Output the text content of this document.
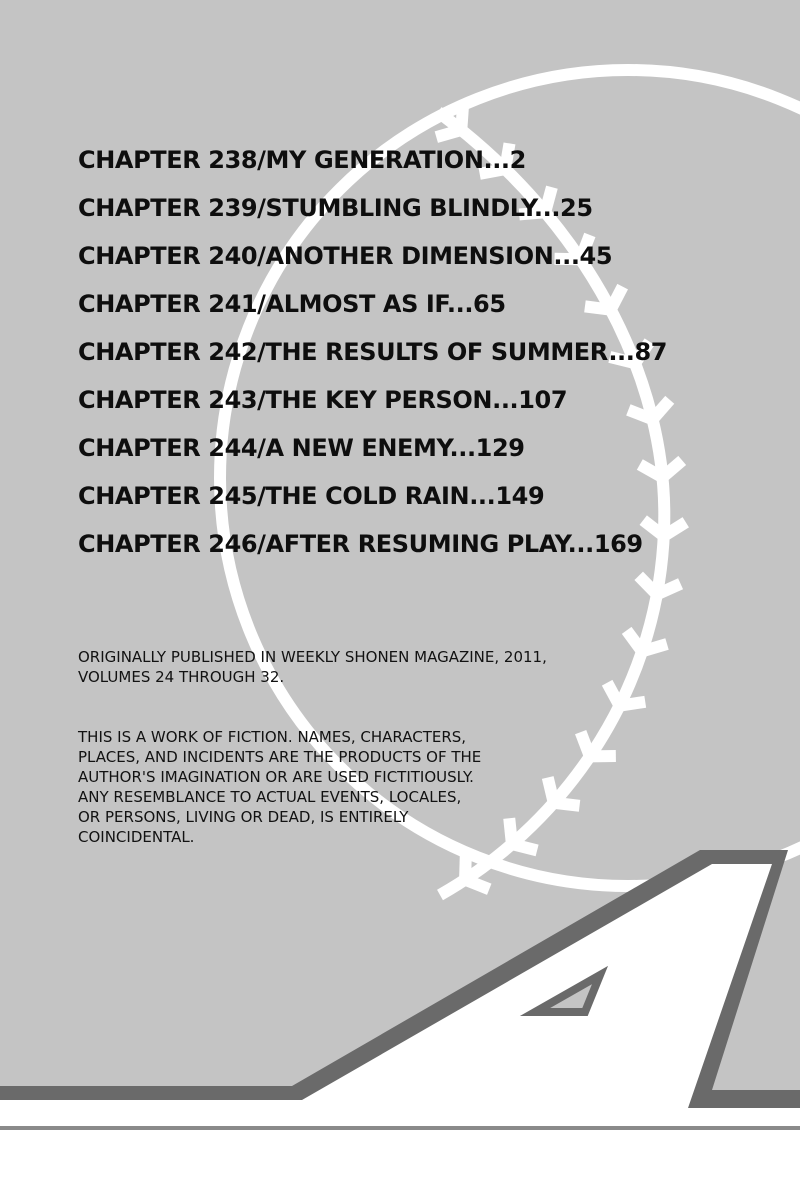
CHAPTER 238/MY GENERATION...2
CHAPTER 239/STUMBLING BLINDLY...25
CHAPTER 240/ANOTHER DIMENSION...45
CHAPTER 241/ALMOST AS IF...65
CHAPTER 242/THE RESULTS OF SUMMER...87
CHAPTER 243/THE KEY PERSON...107
CHAPTER 244/A NEW ENEMY...129
CHAPTER 245/THE COLD RAIN...149
CHAPTER 246/AFTER RESUMING PLAY...169

ORIGINALLY PUBLISHED IN WEEKLY SHONEN MAGAZINE, 2011,
VOLUMES 24 THROUGH 32.

THIS IS A WORK OF FICTION. NAMES, CHARACTERS,
PLACES, AND INCIDENTS ARE THE PRODUCTS OF THE
AUTHOR'S IMAGINATION OR ARE USED FICTITIOUSLY.
ANY RESEMBLANCE TO ACTUAL EVENTS, LOCALES,
OR PERSONS, LIVING OR DEAD, IS ENTIRELY
COINCIDENTAL.
